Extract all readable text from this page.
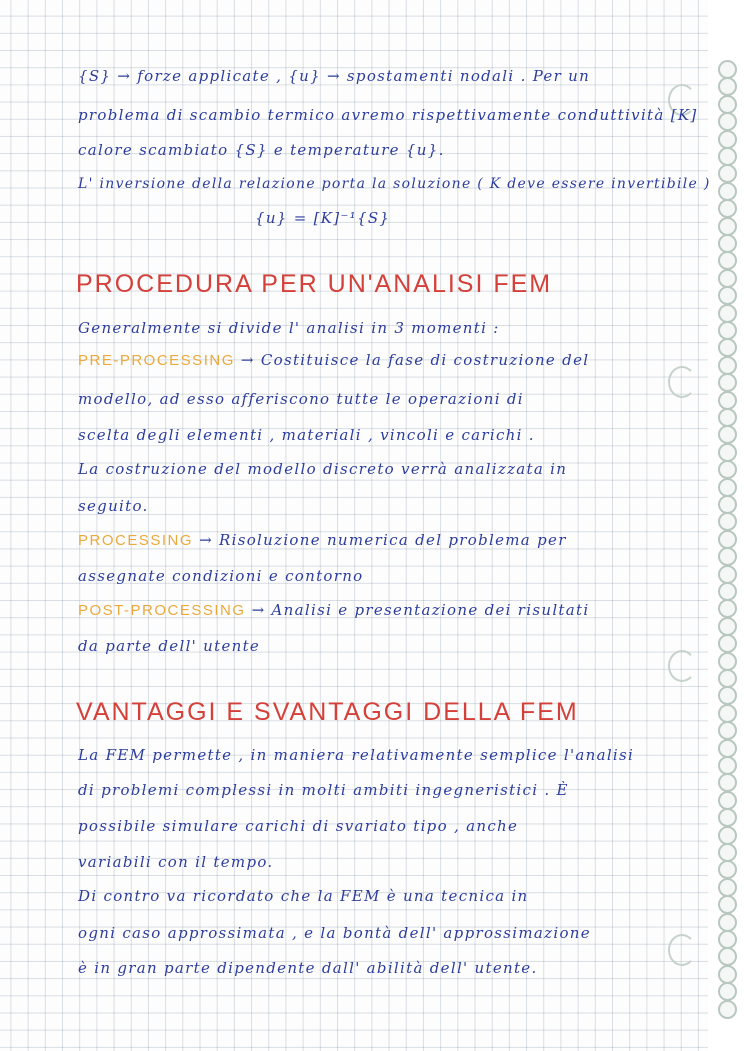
{S} → forze applicate , {u} → spostamenti nodali . Per un
problema di scambio termico avremo rispettivamente conduttività [K]
calore scambiato {S} e temperature {u}.
L' inversione della relazione porta la soluzione ( K deve essere invertibile )
{u} = [K]⁻¹{S}
PROCEDURA PER UN'ANALISI FEM
Generalmente si divide l' analisi in 3 momenti :
PRE-PROCESSING → Costituisce la fase di costruzione del
modello, ad esso afferiscono tutte le operazioni di
scelta degli elementi , materiali , vincoli e carichi .
La costruzione del modello discreto verrà analizzata in
seguito.
PROCESSING → Risoluzione numerica del problema per
assegnate condizioni e contorno
POST-PROCESSING → Analisi e presentazione dei risultati
da parte dell' utente
VANTAGGI E SVANTAGGI DELLA FEM
La FEM permette , in maniera relativamente semplice l'analisi
di problemi complessi in molti ambiti ingegneristici . È
possibile simulare carichi di svariato tipo , anche
variabili con il tempo.
Di contro va ricordato che la FEM è una tecnica in
ogni caso approssimata , e la bontà dell' approssimazione
è in gran parte dipendente dall' abilità dell' utente.
